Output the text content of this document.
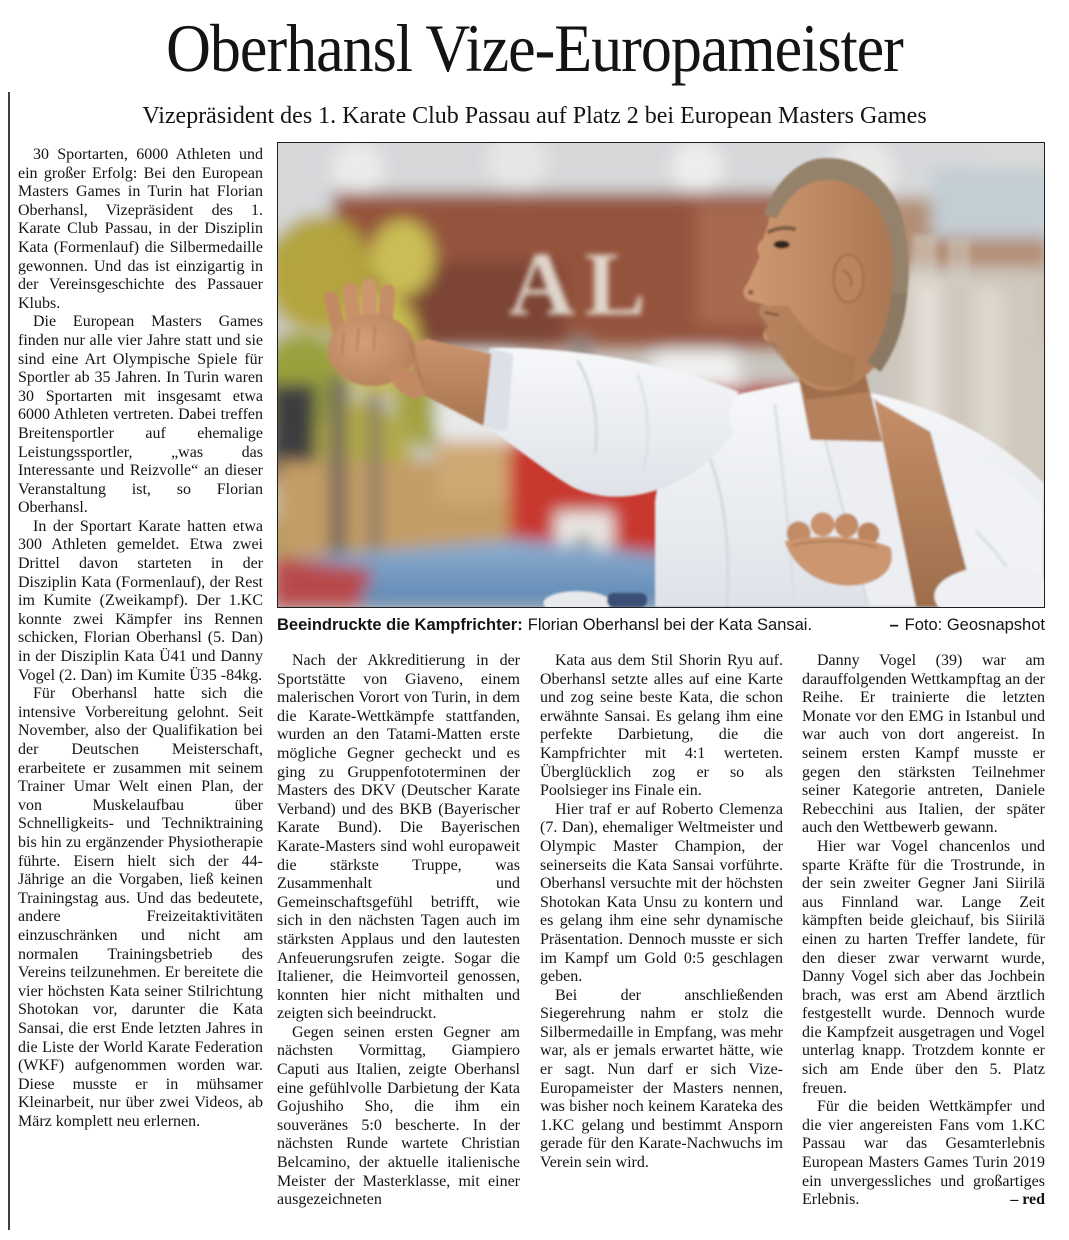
Oberhansl Vize-Europameister
Vizepräsident des 1. Karate Club Passau auf Platz 2 bei European Masters Games

30 Sportarten, 6000 Athleten und ein großer Erfolg: Bei den European Masters Games in Turin hat Florian Oberhansl, Vizepräsident des 1. Karate Club Passau, in der Disziplin Kata (Formenlauf) die Silbermedaille gewonnen. Und das ist einzigartig in der Vereinsgeschichte des Passauer Klubs.

Die European Masters Games finden nur alle vier Jahre statt und sie sind eine Art Olympische Spiele für Sportler ab 35 Jahren. In Turin waren 30 Sportarten mit insgesamt etwa 6000 Athleten vertreten. Dabei treffen Breitensportler auf ehemalige Leistungssportler, „was das Interessante und Reizvolle“ an dieser Veranstaltung ist, so Florian Oberhansl.

In der Sportart Karate hatten etwa 300 Athleten gemeldet. Etwa zwei Drittel davon starteten in der Disziplin Kata (Formenlauf), der Rest im Kumite (Zweikampf). Der 1.KC konnte zwei Kämpfer ins Rennen schicken, Florian Oberhansl (5. Dan) in der Disziplin Kata Ü41 und Danny Vogel (2. Dan) im Kumite Ü35 -84kg.

Für Oberhansl hatte sich die intensive Vorbereitung gelohnt. Seit November, also der Qualifikation bei der Deutschen Meisterschaft, erarbeitete er zusammen mit seinem Trainer Umar Welt einen Plan, der von Muskelaufbau über Schnelligkeits- und Techniktraining bis hin zu ergänzender Physiotherapie führte. Eisern hielt sich der 44-Jährige an die Vorgaben, ließ keinen Trainingstag aus. Und das bedeutete, andere Freizeitaktivitäten einzuschränken und nicht am normalen Trainingsbetrieb des Vereins teilzunehmen. Er bereitete die vier höchsten Kata seiner Stilrichtung Shotokan vor, darunter die Kata Sansai, die erst Ende letzten Jahres in die Liste der World Karate Federation (WKF) aufgenommen worden war. Diese musste er in mühsamer Kleinarbeit, nur über zwei Videos, ab März komplett neu erlernen.

AL
Beeindruckte die Kampfrichter: Florian Oberhansl bei der Kata Sansai.	– Foto: Geosnapshot

Nach der Akkreditierung in der Sportstätte von Giaveno, einem malerischen Vorort von Turin, in dem die Karate-Wettkämpfe stattfanden, wurden an den Tatami-Matten erste mögliche Gegner gecheckt und es ging zu Gruppenfototerminen der Masters des DKV (Deutscher Karate Verband) und des BKB (Bayerischer Karate Bund). Die Bayerischen Karate-Masters sind wohl europaweit die stärkste Truppe, was Zusammenhalt und Gemeinschaftsgefühl betrifft, wie sich in den nächsten Tagen auch im stärksten Applaus und den lautesten Anfeuerungsrufen zeigte. Sogar die Italiener, die Heimvorteil genossen, konnten hier nicht mithalten und zeigten sich beeindruckt.

Gegen seinen ersten Gegner am nächsten Vormittag, Giampiero Caputi aus Italien, zeigte Oberhansl eine gefühlvolle Darbietung der Kata Gojushiho Sho, die ihm ein souveränes 5:0 bescherte. In der nächsten Runde wartete Christian Belcamino, der aktuelle italienische Meister der Masterklasse, mit einer ausgezeichneten

Kata aus dem Stil Shorin Ryu auf. Oberhansl setzte alles auf eine Karte und zog seine beste Kata, die schon erwähnte Sansai. Es gelang ihm eine perfekte Darbietung, die die Kampfrichter mit 4:1 werteten. Überglücklich zog er so als Poolsieger ins Finale ein.

Hier traf er auf Roberto Clemenza (7. Dan), ehemaliger Weltmeister und Olympic Master Champion, der seinerseits die Kata Sansai vorführte. Oberhansl versuchte mit der höchsten Shotokan Kata Unsu zu kontern und es gelang ihm eine sehr dynamische Präsentation. Dennoch musste er sich im Kampf um Gold 0:5 geschlagen geben.

Bei der anschließenden Siegerehrung nahm er stolz die Silbermedaille in Empfang, was mehr war, als er jemals erwartet hätte, wie er sagt. Nun darf er sich Vize-Europameister der Masters nennen, was bisher noch keinem Karateka des 1.KC gelang und bestimmt Ansporn gerade für den Karate-Nachwuchs im Verein sein wird.

Danny Vogel (39) war am darauffolgenden Wettkampftag an der Reihe. Er trainierte die letzten Monate vor den EMG in Istanbul und war auch von dort angereist. In seinem ersten Kampf musste er gegen den stärksten Teilnehmer seiner Kategorie antreten, Daniele Rebecchini aus Italien, der später auch den Wettbewerb gewann.

Hier war Vogel chancenlos und sparte Kräfte für die Trostrunde, in der sein zweiter Gegner Jani Siirilä aus Finnland war. Lange Zeit kämpften beide gleichauf, bis Siirilä einen zu harten Treffer landete, für den dieser zwar verwarnt wurde, Danny Vogel sich aber das Jochbein brach, was erst am Abend ärztlich festgestellt wurde. Dennoch wurde die Kampfzeit ausgetragen und Vogel unterlag knapp. Trotzdem konnte er sich am Ende über den 5. Platz freuen.

Für die beiden Wettkämpfer und die vier angereisten Fans vom 1.KC Passau war das Gesamterlebnis European Masters Games Turin 2019 ein unvergessliches und großartiges Erlebnis.	– red
